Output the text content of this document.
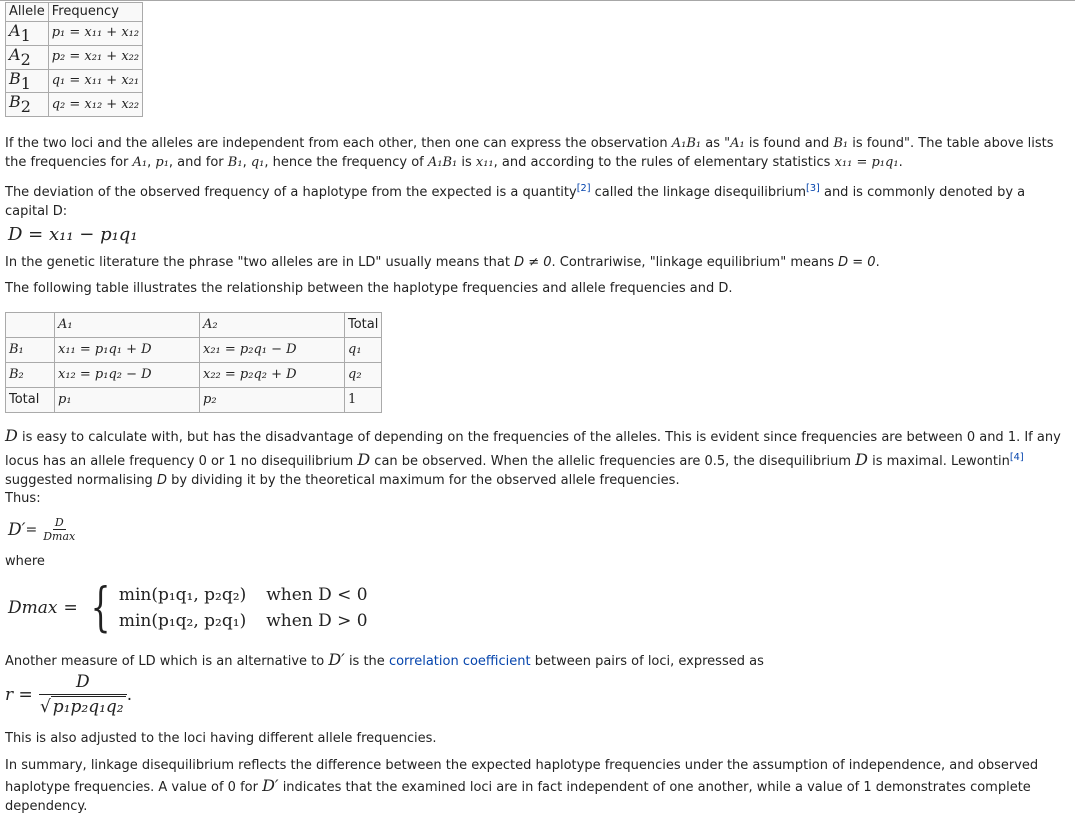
Allele	Frequency
A1	p₁ = x₁₁ + x₁₂
A2	p₂ = x₂₁ + x₂₂
B1	q₁ = x₁₁ + x₂₁
B2	q₂ = x₁₂ + x₂₂
If the two loci and the alleles are independent from each other, then one can express the observation A₁B₁ as "A₁ is found and B₁ is found". The table above lists the frequencies for A₁, p₁, and for B₁, q₁, hence the frequency of A₁B₁ is x₁₁, and according to the rules of elementary statistics x₁₁ = p₁q₁.
The deviation of the observed frequency of a haplotype from the expected is a quantity[2] called the linkage disequilibrium[3] and is commonly denoted by a capital D:
D = x₁₁ − p₁q₁
In the genetic literature the phrase "two alleles are in LD" usually means that D ≠ 0. Contrariwise, "linkage equilibrium" means D = 0.
The following table illustrates the relationship between the haplotype frequencies and allele frequencies and D.
	A₁	A₂	Total
B₁	x₁₁ = p₁q₁ + D	x₂₁ = p₂q₁ − D	q₁
B₂	x₁₂ = p₁q₂ − D	x₂₂ = p₂q₂ + D	q₂
Total	p₁	p₂	1
D is easy to calculate with, but has the disadvantage of depending on the frequencies of the alleles. This is evident since frequencies are between 0 and 1. If any locus has an allele frequency 0 or 1 no disequilibrium D can be observed. When the allelic frequencies are 0.5, the disequilibrium D is maximal. Lewontin[4] suggested normalising D by dividing it by the theoretical maximum for the observed allele frequencies.
Thus:
$D' = \frac{D}{Dmax}$
where
Dmax = { min(p₁q₁, p₂q₂) when D < 0
min(p₁q₂, p₂q₁) when D > 0
Another measure of LD which is an alternative to D′ is the correlation coefficient between pairs of loci, expressed as
$r = \frac{D}{\text{√ p₁p₂q₁q₂}}$ .
This is also adjusted to the loci having different allele frequencies.
In summary, linkage disequilibrium reflects the difference between the expected haplotype frequencies under the assumption of independence, and observed haplotype frequencies. A value of 0 for D′ indicates that the examined loci are in fact independent of one another, while a value of 1 demonstrates complete dependency.
